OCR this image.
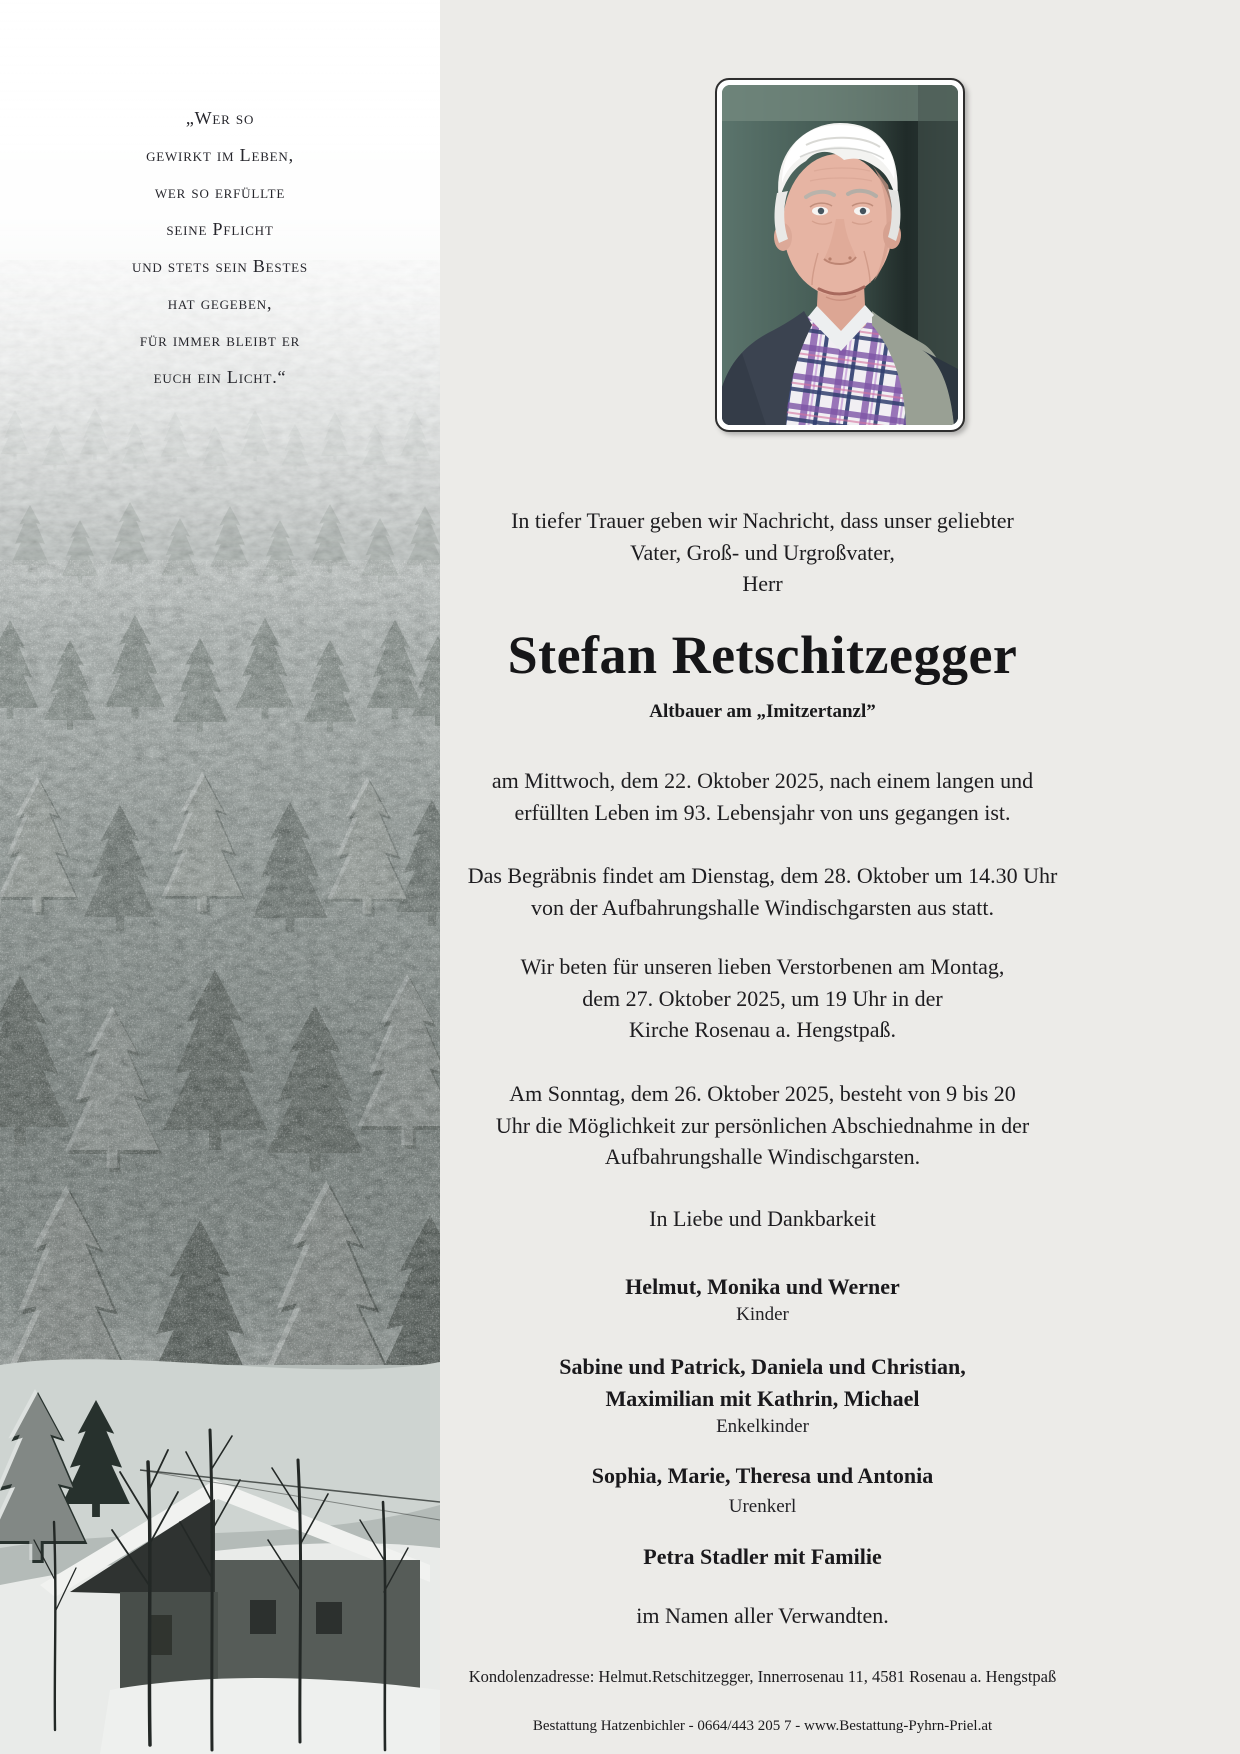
„Wer so
gewirkt im Leben,
wer so erfüllte
seine Pflicht
und stets sein Bestes
hat gegeben,
für immer bleibt er
euch ein Licht.“
In tiefer Trauer geben wir Nachricht, dass unser geliebter
Vater, Groß- und Urgroßvater,
Herr
Stefan Retschitzegger
Altbauer am „Imitzertanzl”
am Mittwoch, dem 22. Oktober 2025, nach einem langen und
erfüllten Leben im 93. Lebensjahr von uns gegangen ist.
Das Begräbnis findet am Dienstag, dem 28. Oktober um 14.30 Uhr
von der Aufbahrungshalle Windischgarsten aus statt.
Wir beten für unseren lieben Verstorbenen am Montag,
dem 27. Oktober 2025, um 19 Uhr in der
Kirche Rosenau a. Hengstpaß.
Am Sonntag, dem 26. Oktober 2025, besteht von 9 bis 20
Uhr die Möglichkeit zur persönlichen Abschiednahme in der
Aufbahrungshalle Windischgarsten.
In Liebe und Dankbarkeit
Helmut, Monika und Werner
Kinder
Sabine und Patrick, Daniela und Christian,
Maximilian mit Kathrin, Michael
Enkelkinder
Sophia, Marie, Theresa und Antonia
Urenkerl
Petra Stadler mit Familie
im Namen aller Verwandten.
Kondolenzadresse: Helmut.Retschitzegger, Innerrosenau 11, 4581 Rosenau a. Hengstpaß
Bestattung Hatzenbichler - 0664/443 205 7 - www.Bestattung-Pyhrn-Priel.at
